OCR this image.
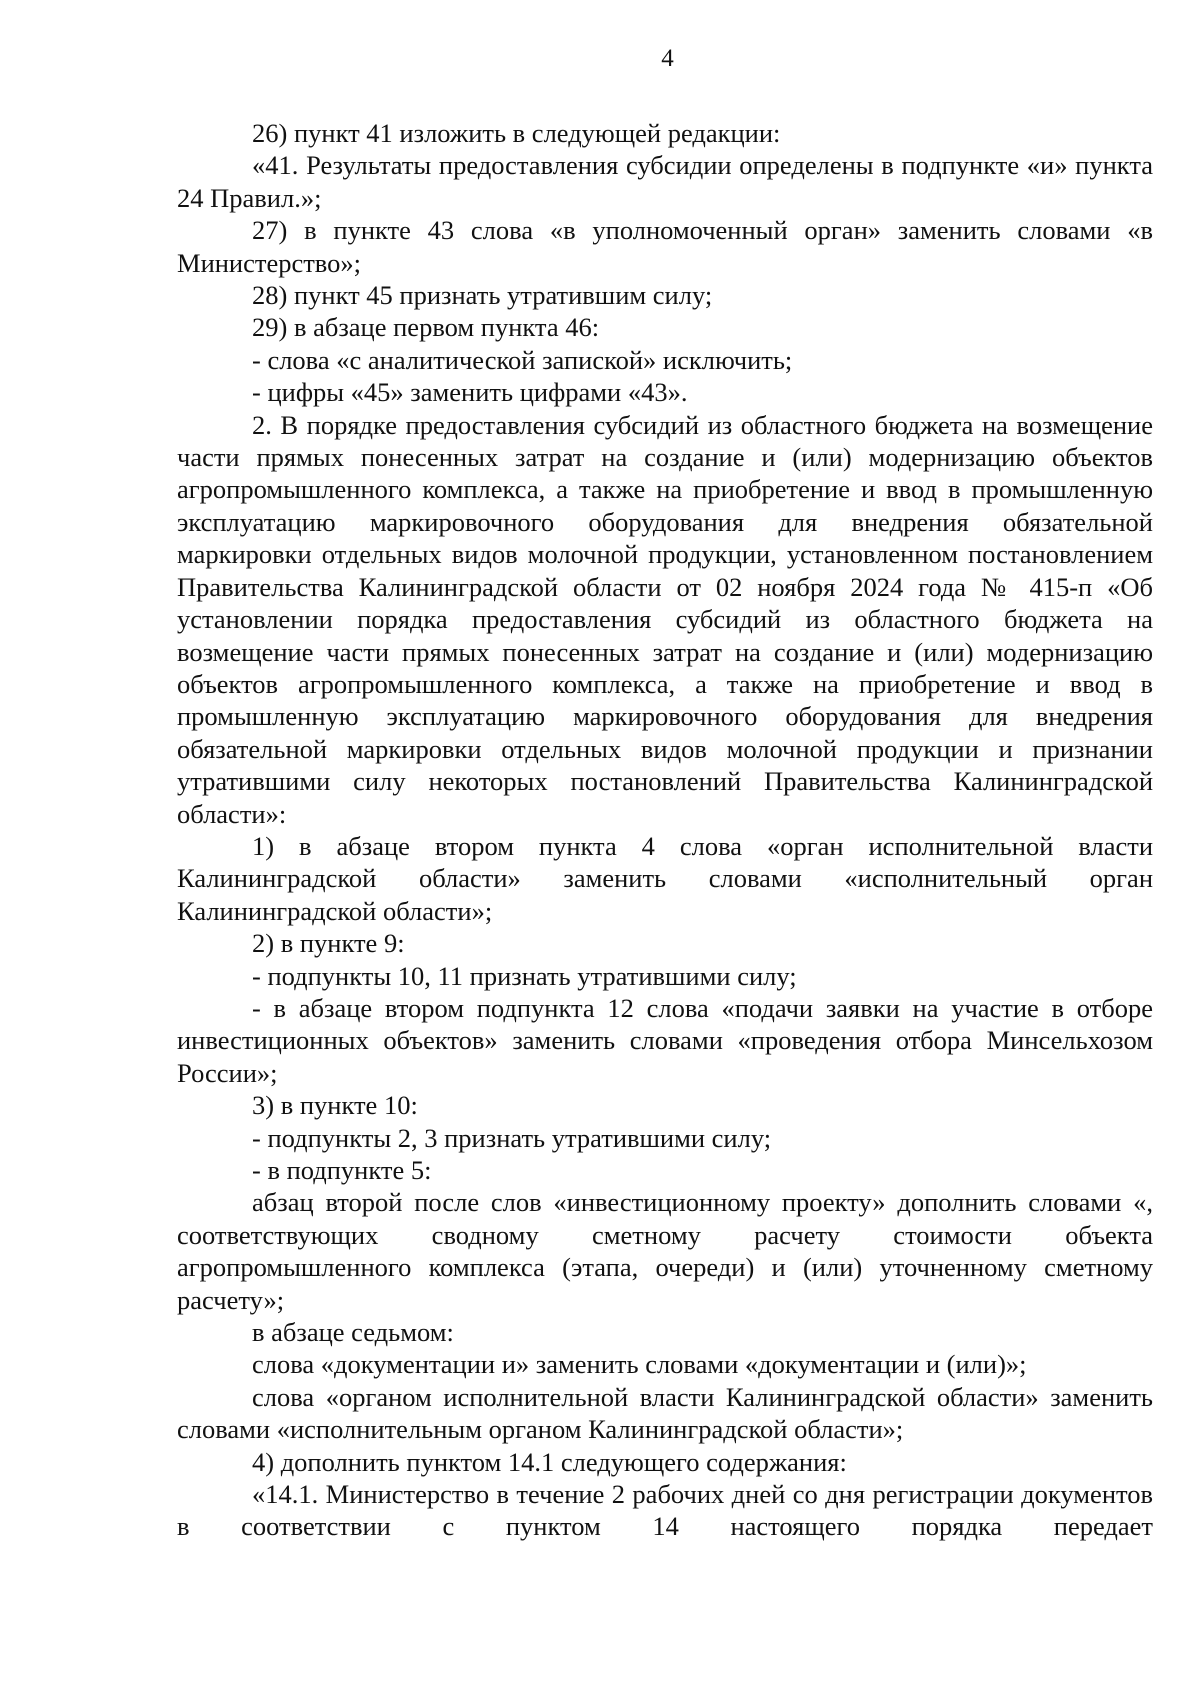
4

26) пункт 41 изложить в следующей редакции:

«41. Результаты предоставления субсидии определены в подпункте «и» пункта 24 Правил.»;

27) в пункте 43 слова «в уполномоченный орган» заменить словами «в Министерство»;

28) пункт 45 признать утратившим силу;

29) в абзаце первом пункта 46:

- слова «с аналитической запиской» исключить;

- цифры «45» заменить цифрами «43».

2. В порядке предоставления субсидий из областного бюджета на возмещение части прямых понесенных затрат на создание и (или) модернизацию объектов агропромышленного комплекса, а также на приобретение и ввод в промышленную эксплуатацию маркировочного оборудования для внедрения обязательной маркировки отдельных видов молочной продукции, установленном постановлением Правительства Калининградской области от 02 ноября 2024 года № 415-п «Об установлении порядка предоставления субсидий из областного бюджета на возмещение части прямых понесенных затрат на создание и (или) модернизацию объектов агропромышленного комплекса, а также на приобретение и ввод в промышленную эксплуатацию маркировочного оборудования для внедрения обязательной маркировки отдельных видов молочной продукции и признании утратившими силу некоторых постановлений Правительства Калининградской области»:

1) в абзаце втором пункта 4 слова «орган исполнительной власти Калининградской области» заменить словами «исполнительный орган Калининградской области»;

2) в пункте 9:

- подпункты 10, 11 признать утратившими силу;

- в абзаце втором подпункта 12 слова «подачи заявки на участие в отборе инвестиционных объектов» заменить словами «проведения отбора Минсельхозом России»;

3) в пункте 10:

- подпункты 2, 3 признать утратившими силу;

- в подпункте 5:

абзац второй после слов «инвестиционному проекту» дополнить словами «, соответствующих сводному сметному расчету стоимости объекта агропромышленного комплекса (этапа, очереди) и (или) уточненному сметному расчету»;

в абзаце седьмом:

слова «документации и» заменить словами «документации и (или)»;

слова «органом исполнительной власти Калининградской области» заменить словами «исполнительным органом Калининградской области»;

4) дополнить пунктом 14.1 следующего содержания:

«14.1. Министерство в течение 2 рабочих дней со дня регистрации документов в соответствии с пунктом 14 настоящего порядка передает
